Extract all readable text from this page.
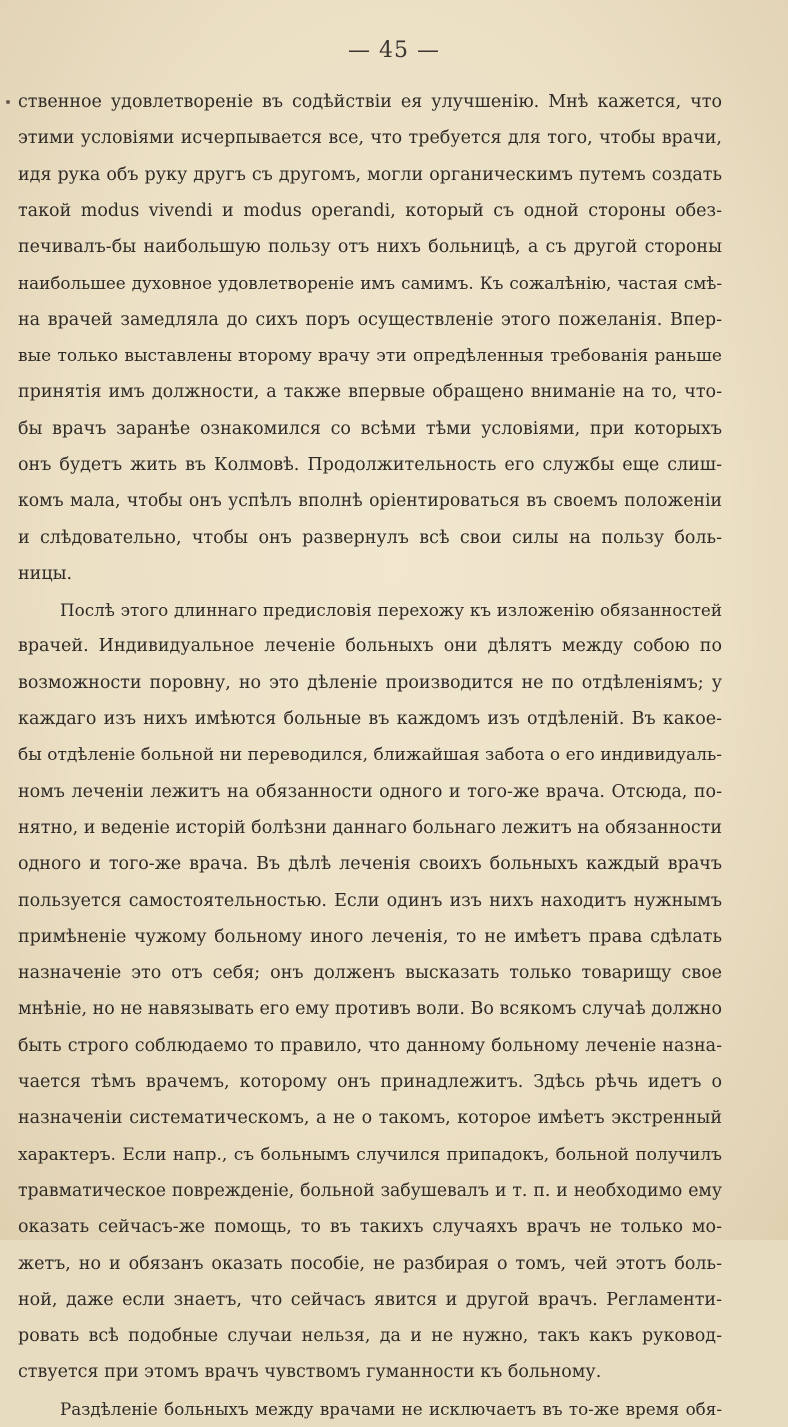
— 45 —
ственное удовлетвореніе въ содѣйствіи ея улучшенію. Мнѣ кажется, что
этими условіями исчерпывается все, что требуется для того, чтобы врачи,
идя рука объ руку другъ съ другомъ, могли органическимъ путемъ создать
такой modus vivendi и modus operandi, который съ одной стороны обез-
печивалъ-бы наибольшую пользу отъ нихъ больницѣ, а съ другой стороны
наибольшее духовное удовлетвореніе имъ самимъ. Къ сожалѣнію, частая смѣ-
на врачей замедляла до сихъ поръ осуществленіе этого пожеланія. Впер-
вые только выставлены второму врачу эти опредѣленныя требованія раньше
принятія имъ должности, а также впервые обращено вниманіе на то, что-
бы врачъ заранѣе ознакомился со всѣми тѣми условіями, при которыхъ
онъ будетъ жить въ Колмовѣ. Продолжительность его службы еще слиш-
комъ мала, чтобы онъ успѣлъ вполнѣ оріентироваться въ своемъ положеніи
и слѣдовательно, чтобы онъ развернулъ всѣ свои силы на пользу боль-
ницы.
Послѣ этого длиннаго предисловія перехожу къ изложенію обязанностей
врачей. Индивидуальное леченіе больныхъ они дѣлятъ между собою по
возможности поровну, но это дѣленіе производится не по отдѣленіямъ; у
каждаго изъ нихъ имѣются больные въ каждомъ изъ отдѣленій. Въ какое-
бы отдѣленіе больной ни переводился, ближайшая забота о его индивидуаль-
номъ леченіи лежитъ на обязанности одного и того-же врача. Отсюда, по-
нятно, и веденіе исторій болѣзни даннаго больнаго лежитъ на обязанности
одного и того-же врача. Въ дѣлѣ леченія своихъ больныхъ каждый врачъ
пользуется самостоятельностью. Если одинъ изъ нихъ находитъ нужнымъ
примѣненіе чужому больному иного леченія, то не имѣетъ права сдѣлать
назначеніе это отъ себя; онъ долженъ высказать только товарищу свое
мнѣніе, но не навязывать его ему противъ воли. Во всякомъ случаѣ должно
быть строго соблюдаемо то правило, что данному больному леченіе назна-
чается тѣмъ врачемъ, которому онъ принадлежитъ. Здѣсь рѣчь идетъ о
назначеніи систематическомъ, а не о такомъ, которое имѣетъ экстренный
характеръ. Если напр., съ больнымъ случился припадокъ, больной получилъ
травматическое поврежденіе, больной забушевалъ и т. п. и необходимо ему
оказать сейчасъ-же помощь, то въ такихъ случаяхъ врачъ не только мо-
жетъ, но и обязанъ оказать пособіе, не разбирая о томъ, чей этотъ боль-
ной, даже если знаетъ, что сейчасъ явится и другой врачъ. Регламенти-
ровать всѣ подобные случаи нельзя, да и не нужно, такъ какъ руковод-
ствуется при этомъ врачъ чувствомъ гуманности къ больному.
Раздѣленіе больныхъ между врачами не исключаетъ въ то-же время обя-
